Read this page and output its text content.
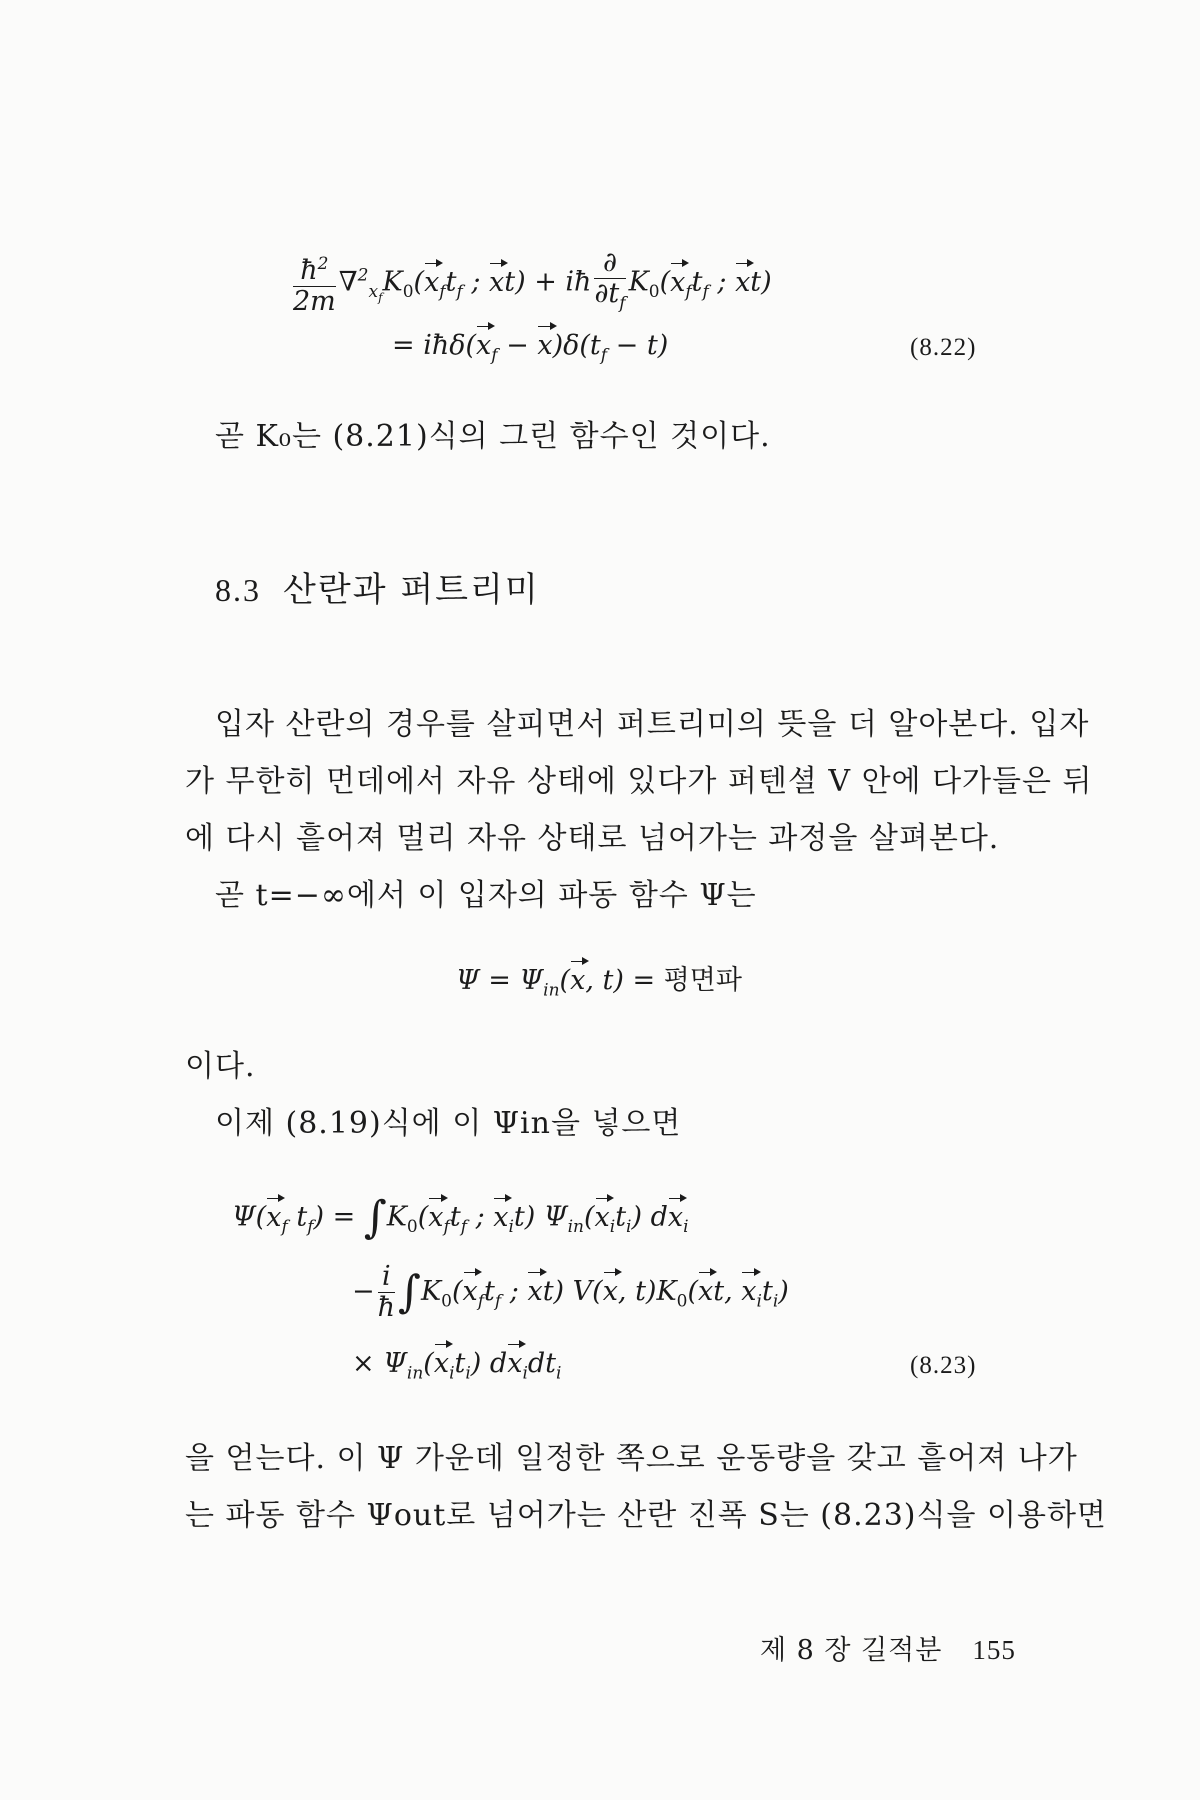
$\frac{ħ^2}{2m} \nabla^2_{x_f}K_0(x_ft_f$ ; xt) + iħ $\frac{\partial}{\partial t_f} K_0(x_ft_f$ ; xt)
= $iħ\delta(x_f - x)\delta(t_f - t)$	(8.22)
곧 K₀는 (8.21)식의 그린 함수인 것이다.
8.3 산란과 퍼트리미
입자 산란의 경우를 살피면서 퍼트리미의 뜻을 더 알아본다. 입자
가 무한히 먼데에서 자유 상태에 있다가 퍼텐셜 V 안에 다가들은 뒤
에 다시 흩어져 멀리 자유 상태로 넘어가는 과정을 살펴본다.
곧 t=−∞에서 이 입자의 파동 함수 Ψ는
$\Psi = \Psi_{in}(x$, t) = 평면파
이다.
이제 (8.19)식에 이 Ψin을 넣으면
$\Psi(x_f$ $t_f) = \int K_0(x_ft_f$ ; $x_it$) $\Psi_{in}(x_it_i)$ $dx_i$
− $\frac{i}{ħ} \int K_0(x_ft_f$ ; xt) V(x, $t)K_0(xt$, $x_it_i$)
× $\Psi_{in}(x_it_i)$ $dx_idt_i$	(8.23)
을 얻는다. 이 Ψ 가운데 일정한 쪽으로 운동량을 갖고 흩어져 나가
는 파동 함수 Ψout로 넘어가는 산란 진폭 S는 (8.23)식을 이용하면
제 8 장 길적분 155
